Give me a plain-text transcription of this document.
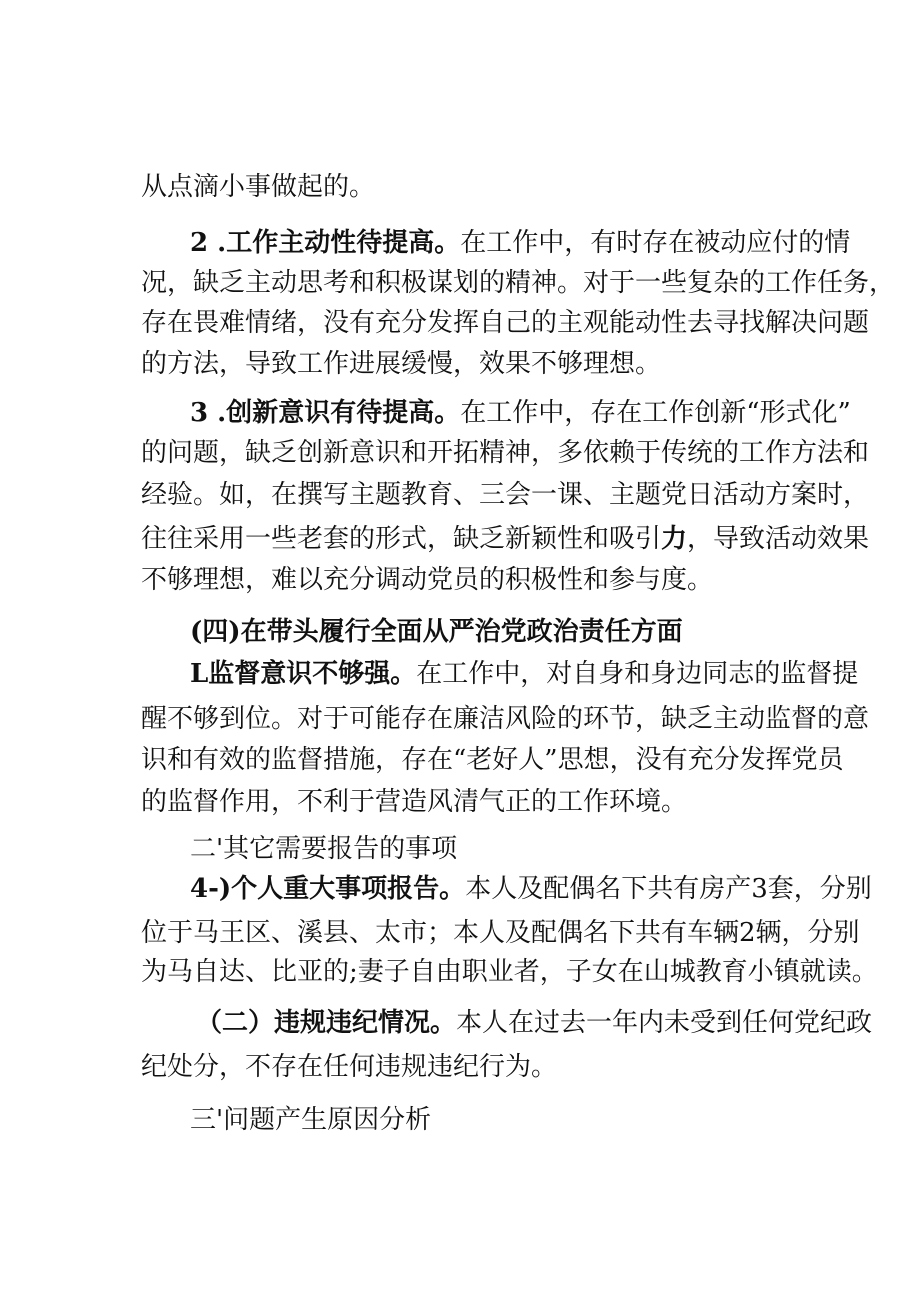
从点滴小事做起的。
2 .工作主动性待提高。在工作中，有时存在被动应付的情
况，缺乏主动思考和积极谋划的精神。对于一些复杂的工作任务，
存在畏难情绪，没有充分发挥自己的主观能动性去寻找解决问题
的方法，导致工作进展缓慢，效果不够理想。
3 .创新意识有待提高。在工作中，存在工作创新“形式化”
的问题，缺乏创新意识和开拓精神，多依赖于传统的工作方法和
经验。如，在撰写主题教育、三会一课、主题党日活动方案时，
往往采用一些老套的形式，缺乏新颖性和吸引力，导致活动效果
不够理想，难以充分调动党员的积极性和参与度。
(四)在带头履行全面从严治党政治责任方面
L监督意识不够强。在工作中，对自身和身边同志的监督提
醒不够到位。对于可能存在廉洁风险的环节，缺乏主动监督的意
识和有效的监督措施，存在“老好人”思想，没有充分发挥党员
的监督作用，不利于营造风清气正的工作环境。
二'其它需要报告的事项
4-)个人重大事项报告。本人及配偶名下共有房产3套，分别
位于马王区、溪县、太市；本人及配偶名下共有车辆2辆，分别
为马自达、比亚的;妻子自由职业者，子女在山城教育小镇就读。
（二）违规违纪情况。本人在过去一年内未受到任何党纪政
纪处分，不存在任何违规违纪行为。
三'问题产生原因分析
